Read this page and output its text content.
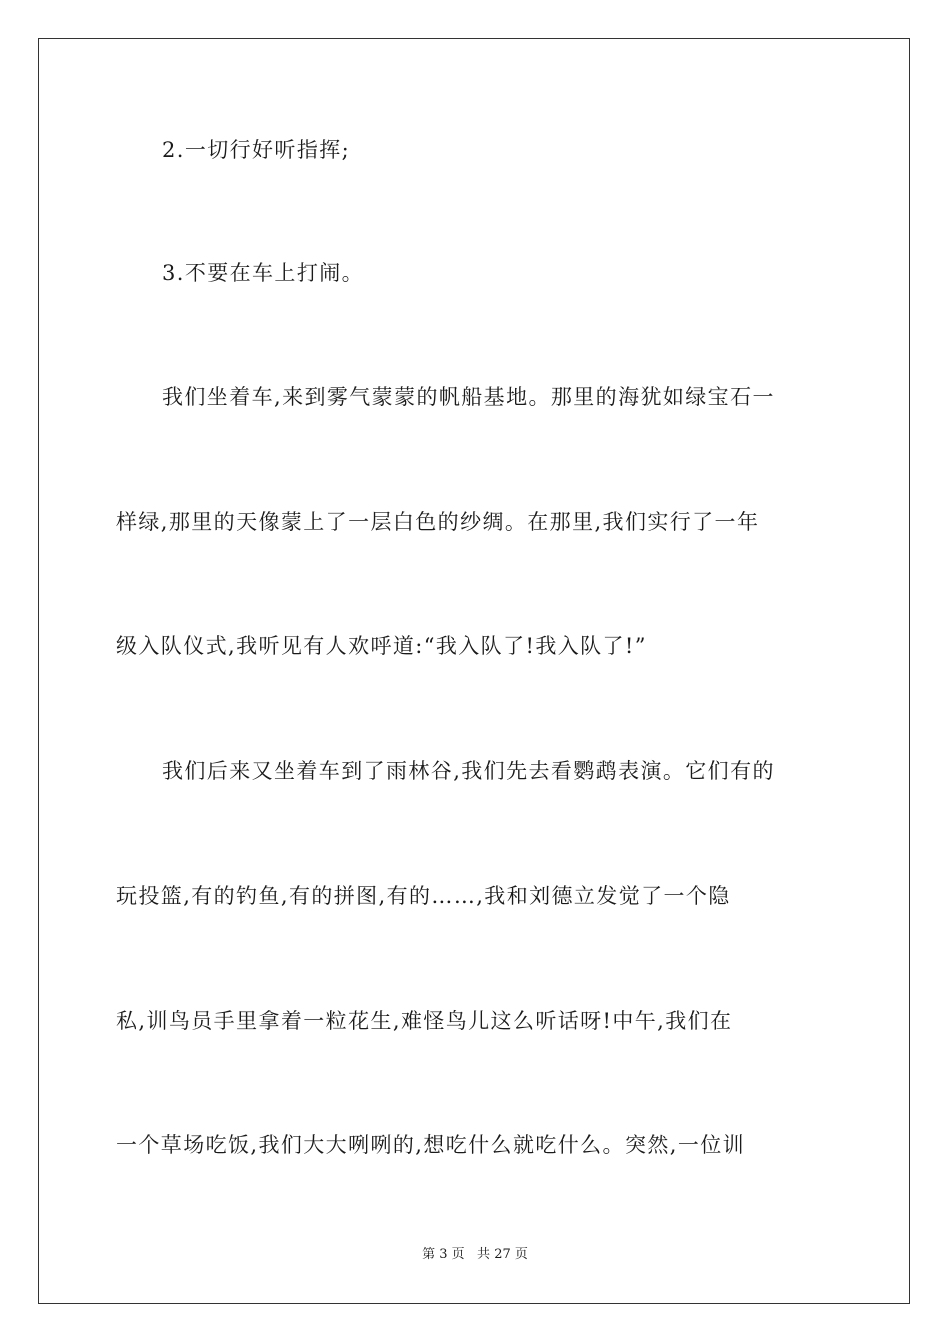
2.一切行好听指挥;
3.不要在车上打闹。
我们坐着车,来到雾气蒙蒙的帆船基地。那里的海犹如绿宝石一
样绿,那里的天像蒙上了一层白色的纱绸。在那里,我们实行了一年
级入队仪式,我听见有人欢呼道:“我入队了!我入队了!”
我们后来又坐着车到了雨林谷,我们先去看鹦鹉表演。它们有的
玩投篮,有的钓鱼,有的拼图,有的……,我和刘德立发觉了一个隐
私,训鸟员手里拿着一粒花生,难怪鸟儿这么听话呀!中午,我们在
一个草场吃饭,我们大大咧咧的,想吃什么就吃什么。突然,一位训
第 3 页   共 27 页
